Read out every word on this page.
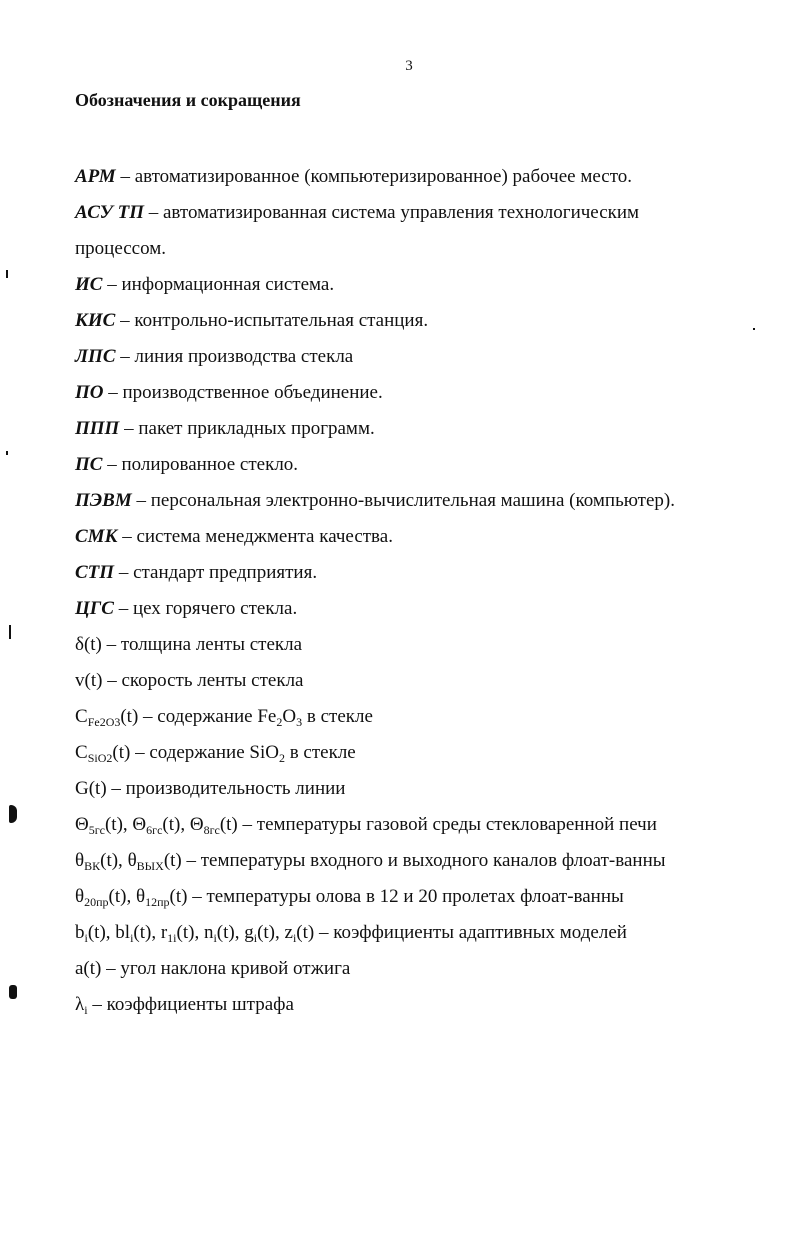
3
Обозначения и сокращения
АРМ – автоматизированное (компьютеризированное) рабочее место.
АСУ ТП – автоматизированная система управления технологическим
процессом.
ИС – информационная система.
КИС – контрольно-испытательная станция.
ЛПС – линия производства стекла
ПО – производственное объединение.
ППП – пакет прикладных программ.
ПС – полированное стекло.
ПЭВМ – персональная электронно-вычислительная машина (компьютер).
СМК – система менеджмента качества.
СТП – стандарт предприятия.
ЦГС – цех горячего стекла.
δ(t) – толщина ленты стекла
v(t) – скорость ленты стекла
$C_{Fe2O3}(t)$ – содержание $Fe_2O_3$ в стекле
$C_{SiO2}(t)$ – содержание SiO$_2$ в стекле
G(t) – производительность линии
$\Theta_{5гс}(t)$, $\Theta_{6гс}(t)$, $\Theta_{8гс}(t)$ – температуры газовой среды стекловаренной печи
$\theta_{ВК}(t)$, $\theta_{ВЫХ}(t)$ – температуры входного и выходного каналов флоат-ванны
$\theta_{20пр}(t)$, $\theta_{12пр}(t)$ – температуры олова в 12 и 20 пролетах флоат-ванны
$b_i(t)$, $bl_i(t)$, $r_{1i}(t)$, $n_i(t)$, $g_i(t)$, $z_i(t)$ – коэффициенты адаптивных моделей
a(t) – угол наклона кривой отжига
$\lambda_i$ – коэффициенты штрафа
